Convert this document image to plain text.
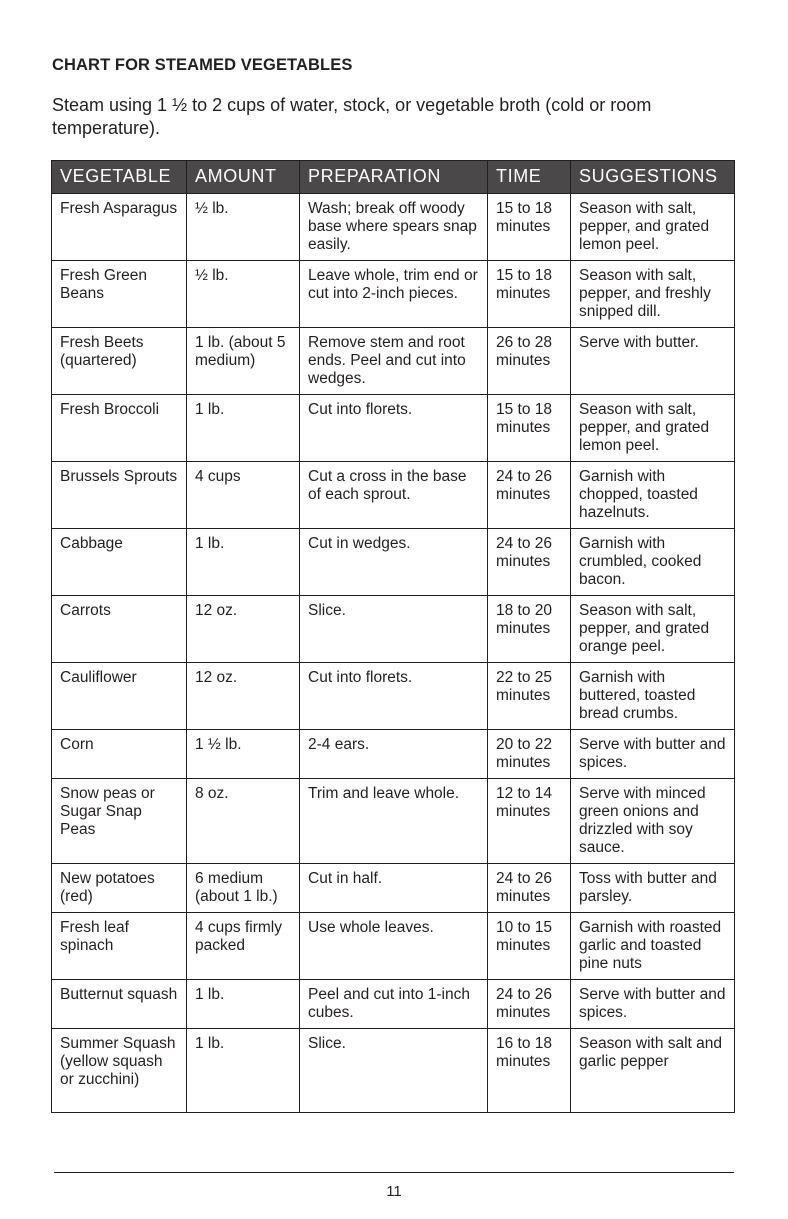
CHART FOR STEAMED VEGETABLES

Steam using 1 ½ to 2 cups of water, stock, or vegetable broth (cold or room temperature).

VEGETABLE	AMOUNT	PREPARATION	TIME	SUGGESTIONS
Fresh Asparagus	½ lb.	Wash; break off woody base where spears snap easily.	15 to 18 minutes	Season with salt, pepper, and grated lemon peel.
Fresh Green Beans	½ lb.	Leave whole, trim end or cut into 2-inch pieces.	15 to 18 minutes	Season with salt, pepper, and freshly snipped dill.
Fresh Beets (quartered)	1 lb. (about 5 medium)	Remove stem and root ends. Peel and cut into wedges.	26 to 28 minutes	Serve with butter.
Fresh Broccoli	1 lb.	Cut into florets.	15 to 18 minutes	Season with salt, pepper, and grated lemon peel.
Brussels Sprouts	4 cups	Cut a cross in the base of each sprout.	24 to 26 minutes	Garnish with chopped, toasted hazelnuts.
Cabbage	1 lb.	Cut in wedges.	24 to 26 minutes	Garnish with crumbled, cooked bacon.
Carrots	12 oz.	Slice.	18 to 20 minutes	Season with salt, pepper, and grated orange peel.
Cauliflower	12 oz.	Cut into florets.	22 to 25 minutes	Garnish with buttered, toasted bread crumbs.
Corn	1 ½ lb.	2-4 ears.	20 to 22 minutes	Serve with butter and spices.
Snow peas or Sugar Snap Peas	8 oz.	Trim and leave whole.	12 to 14 minutes	Serve with minced green onions and drizzled with soy sauce.
New potatoes (red)	6 medium (about 1 lb.)	Cut in half.	24 to 26 minutes	Toss with butter and parsley.
Fresh leaf spinach	4 cups firmly packed	Use whole leaves.	10 to 15 minutes	Garnish with roasted garlic and toasted pine nuts
Butternut squash	1 lb.	Peel and cut into 1-inch cubes.	24 to 26 minutes	Serve with butter and spices.
Summer Squash (yellow squash or zucchini)	1 lb.	Slice.	16 to 18 minutes	Season with salt and garlic pepper
11
